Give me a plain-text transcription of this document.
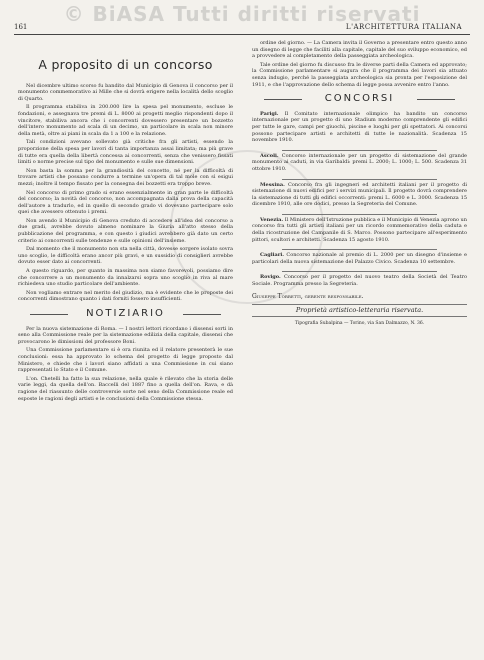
© BiASA Tutti diritti riservati
161	L'ARCHITETTURA ITALIANA
A proposito di un concorso

Nel dicembre ultimo scorso fu bandito dal Municipio di Genova il concorso per il monumento commemorativo ai Mille che si dovrà erigere nella località dello scoglio di Quarto.

Il programma stabiliva in 200.000 lire la spesa pel monumento, escluse le fondazioni, e assegnava tre premi di L. 8000 ai progetti meglio rispondenti dopo il vincitore, stabiliva ancora che i concorrenti dovessero presentare un bozzetto dell'intero monumento ad scala di un decimo, un particolare in scala non minore della metà, oltre ai piani in scala da 1 a 100 e la relazione.

Tali condizioni avevano sollevato già critiche fra gli artisti, essendo la proporzione della spesa per lavori di tanta importanza assai limitata; ma più grave di tutte era quella della libertà concessa ai concorrenti, senza che venissero fissati limiti o norme precise sul tipo del monumento e sulle sue dimensioni.

Non basta la somma per la grandiosità del concetto, né per la difficoltà di trovare artisti che possano condurre a termine un'opera di tal mole con sì esigui mezzi; inoltre il tempo fissato per la consegna dei bozzetti era troppo breve.

Nel concorso di primo grado si erano essenzialmente in gran parte le difficoltà del concorso; la novità del concorso, non accompagnata dalla prova della capacità dell'autore a tradurlo, ed in quello di secondo grado vi dovevano partecipare solo quei che avessero ottenuto i premi.

Non avendo il Municipio di Genova creduto di accedere all'idea del concorso a due gradi, avrebbe dovuto almeno nominare la Giuria all'atto stesso della pubblicazione del programma, e con questo i giudici avrebbero già dato un certo criterio ai concorrenti sulle tendenze e sulle opinioni dell'insieme.

Dal momento che il monumento non sta nella città, dovesse sorgere isolato sovra uno scoglio, le difficoltà erano ancor più gravi, e un sussidio di consiglieri avrebbe dovuto esser dato ai concorrenti.

A questo riguardo, per quanto in massima non siamo favorevoli, possiamo dire che concorrere a un monumento da innalzarsi sopra uno scoglio in riva al mare richiedeva uno studio particolare dell'ambiente.

Non vogliamo entrare nel merito del giudizio, ma è evidente che le proposte dei concorrenti dimostrano quanto i dati forniti fossero insufficienti.

NOTIZIARIO

Per la nuova sistemazione di Roma. — I nostri lettori ricordano i dissensi sorti in seno alla Commissione reale per la sistemazione edilizia della capitale, dissensi che provocarono le dimissioni del professore Boni.

Una Commissione parlamentare si è ora riunita ed il relatore presenterà le sue conclusioni: essa ha approvato lo schema del progetto di legge proposto dal Ministero, e chiede che i lavori siano affidati a una Commissione in cui siano rappresentati lo Stato e il Comune.

L'on. Chetelli ha fatto la sua relazione, nella quale è rilevato che la storia delle varie leggi, da quella dell'on. Baccelli del 1887 fino a quella dell'on. Rava, e dà ragione del riassunto delle controversie sorte nel seno della Commissione reale ed esposte le ragioni degli artisti e le conclusioni della Commissione stessa.

ordine del giorno. — La Camera invita il Governo a presentare entro questo anno un disegno di legge che faciliti alla capitale, capitale del suo sviluppo economico, ed a provvedere al completamento della passeggiata archeologica.

Tale ordine del giorno fu discusso fra le diverse parti della Camera ed approvato; la Commissione parlamentare si augura che il programma dei lavori sia attuato senza indugio, perché la passeggiata archeologica sia pronta per l'esposizione del 1911, e che l'approvazione dello schema di legge possa avvenire entro l'anno.

CONCORSI

Parigi. Il Comitato internazionale olimpico ha bandito un concorso internazionale per un progetto di uno Stadium moderno comprendente gli edifici per tutte le gare, campi per giuochi, piscine e luoghi per gli spettatori. Ai concorsi possono partecipare artisti e architetti di tutte le nazionalità. Scadenza 15 novembre 1910.

Ascoli. Concorso internazionale per un progetto di sistemazione del grande monumento ai caduti, in via Garibaldi: premi L. 2000; L. 1000; L. 500. Scadenza 31 ottobre 1910.

Messina. Concorso fra gli ingegneri ed architetti italiani per il progetto di sistemazione di nuovi edifici per i servizi municipali. Il progetto dovrà comprendere la sistemazione di tutti gli edifici occorrenti: premi L. 6000 e L. 3000. Scadenza 15 dicembre 1910, alle ore dodici, presso la Segreteria del Comune.

Venezia. Il Ministero dell'Istruzione pubblica e il Municipio di Venezia aprono un concorso fra tutti gli artisti italiani per un ricordo commemorativo della caduta e della ricostruzione del Campanile di S. Marco. Possono partecipare all'esperimento pittori, scultori e architetti. Scadenza 15 agosto 1910.

Cagliari. Concorso nazionale al premio di L. 2000 per un disegno d'insieme e particolari della nuova sistemazione del Palazzo Civico. Scadenza 10 settembre.

Rovigo. Concorso per il progetto del nuovo teatro della Società del Teatro Sociale. Programma presso la Segreteria.

Giuseppe Torretti, gerente responsabile.
Proprietà artistico-letteraria riservata.
Tipografia Subalpina — Torino, via San Dalmazzo, N. 36.
